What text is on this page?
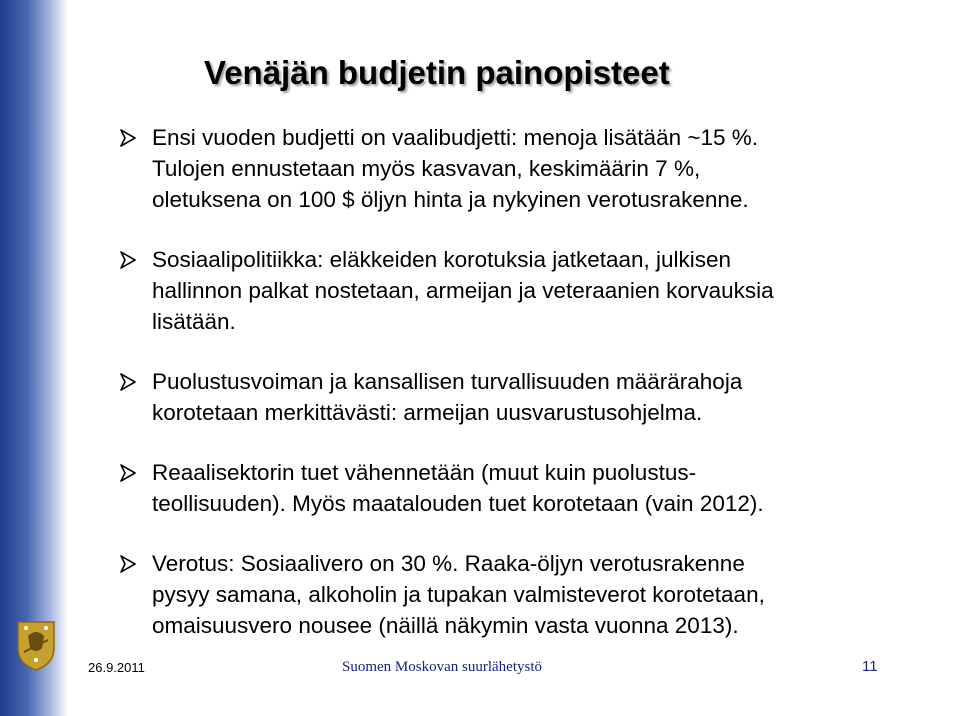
Venäjän budjetin painopisteet
Ensi vuoden budjetti on vaalibudjetti: menoja lisätään ~15 %.
Tulojen ennustetaan myös kasvavan, keskimäärin 7 %,
oletuksena on 100 $ öljyn hinta ja nykyinen verotusrakenne.
Sosiaalipolitiikka: eläkkeiden korotuksia jatketaan, julkisen
hallinnon palkat nostetaan, armeijan ja veteraanien korvauksia
lisätään.
Puolustusvoiman ja kansallisen turvallisuuden määrärahoja
korotetaan merkittävästi: armeijan uusvarustusohjelma.
Reaalisektorin tuet vähennetään (muut kuin puolustus-
teollisuuden). Myös maatalouden tuet korotetaan (vain 2012).
Verotus: Sosiaalivero on 30 %. Raaka-öljyn verotusrakenne
pysyy samana, alkoholin ja tupakan valmisteverot korotetaan,
omaisuusvero nousee (näillä näkymin vasta vuonna 2013).
26.9.2011	Suomen Moskovan suurlähetystö	11
